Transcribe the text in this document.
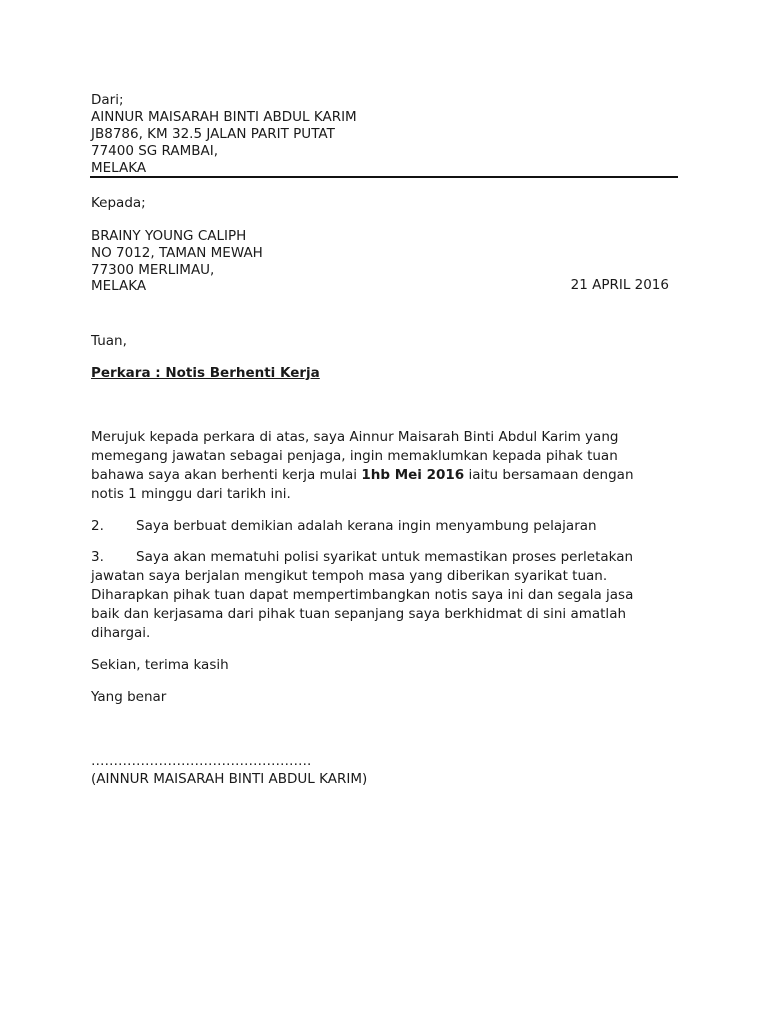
Dari;
AINNUR MAISARAH BINTI ABDUL KARIM
JB8786, KM 32.5 JALAN PARIT PUTAT
77400 SG RAMBAI,
MELAKA
Kepada;
BRAINY YOUNG CALIPH
NO 7012, TAMAN MEWAH
77300 MERLIMAU,
MELAKA	21 APRIL 2016
Tuan,
Perkara : Notis Berhenti Kerja
Merujuk kepada perkara di atas, saya Ainnur Maisarah Binti Abdul Karim yang
memegang jawatan sebagai penjaga, ingin memaklumkan kepada pihak tuan
bahawa saya akan berhenti kerja mulai 1hb Mei 2016 iaitu bersamaan dengan
notis 1 minggu dari tarikh ini.
2. Saya berbuat demikian adalah kerana ingin menyambung pelajaran
3. Saya akan mematuhi polisi syarikat untuk memastikan proses perletakan
jawatan saya berjalan mengikut tempoh masa yang diberikan syarikat tuan.
Diharapkan pihak tuan dapat mempertimbangkan notis saya ini dan segala jasa
baik dan kerjasama dari pihak tuan sepanjang saya berkhidmat di sini amatlah
dihargai.
Sekian, terima kasih
Yang benar
………………………………………….
(AINNUR MAISARAH BINTI ABDUL KARIM)
